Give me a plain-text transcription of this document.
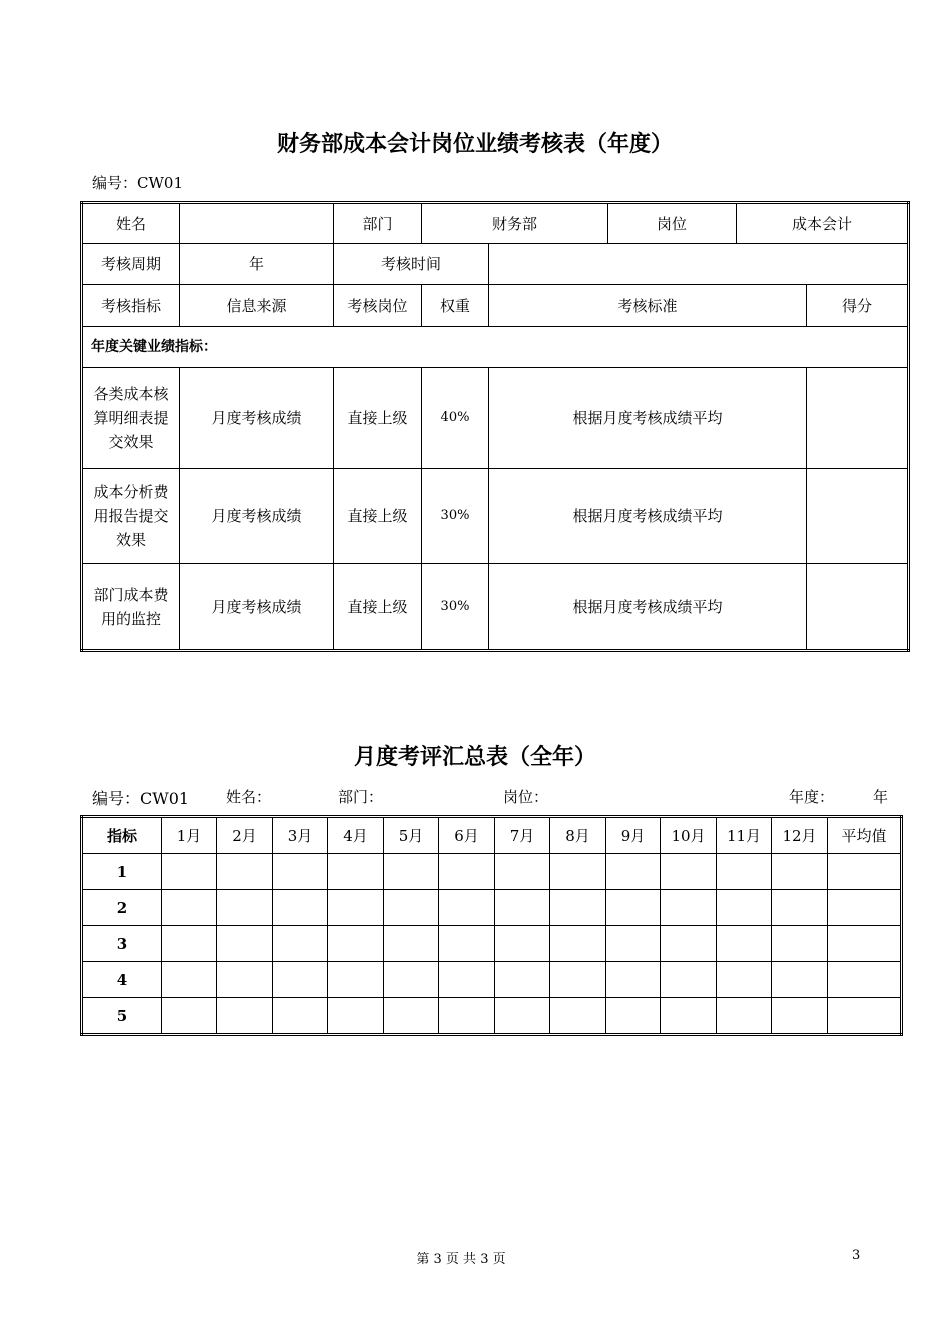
财务部成本会计岗位业绩考核表（年度）
编号：CW01
姓名		部门	财务部		岗位	成本会计	
考核周期	年	考核时间					
考核指标	信息来源	考核岗位	权重	考核标准			得分
年度关键业绩指标：							
各类成本核算明细表提交效果	月度考核成绩	直接上级	40%	根据月度考核成绩平均			
成本分析费用报告提交效果	月度考核成绩	直接上级	30%	根据月度考核成绩平均			
部门成本费用的监控	月度考核成绩	直接上级	30%	根据月度考核成绩平均			
月度考评汇总表（全年）
编号：CW01 姓名：	部门：	岗位：	年度：	年
指标	1月	2月	3月	4月	5月	6月	7月	8月	9月	10月	11月	12月	平均值
1													
2													
3													
4													
5													
第 3 页 共 3 页	3
